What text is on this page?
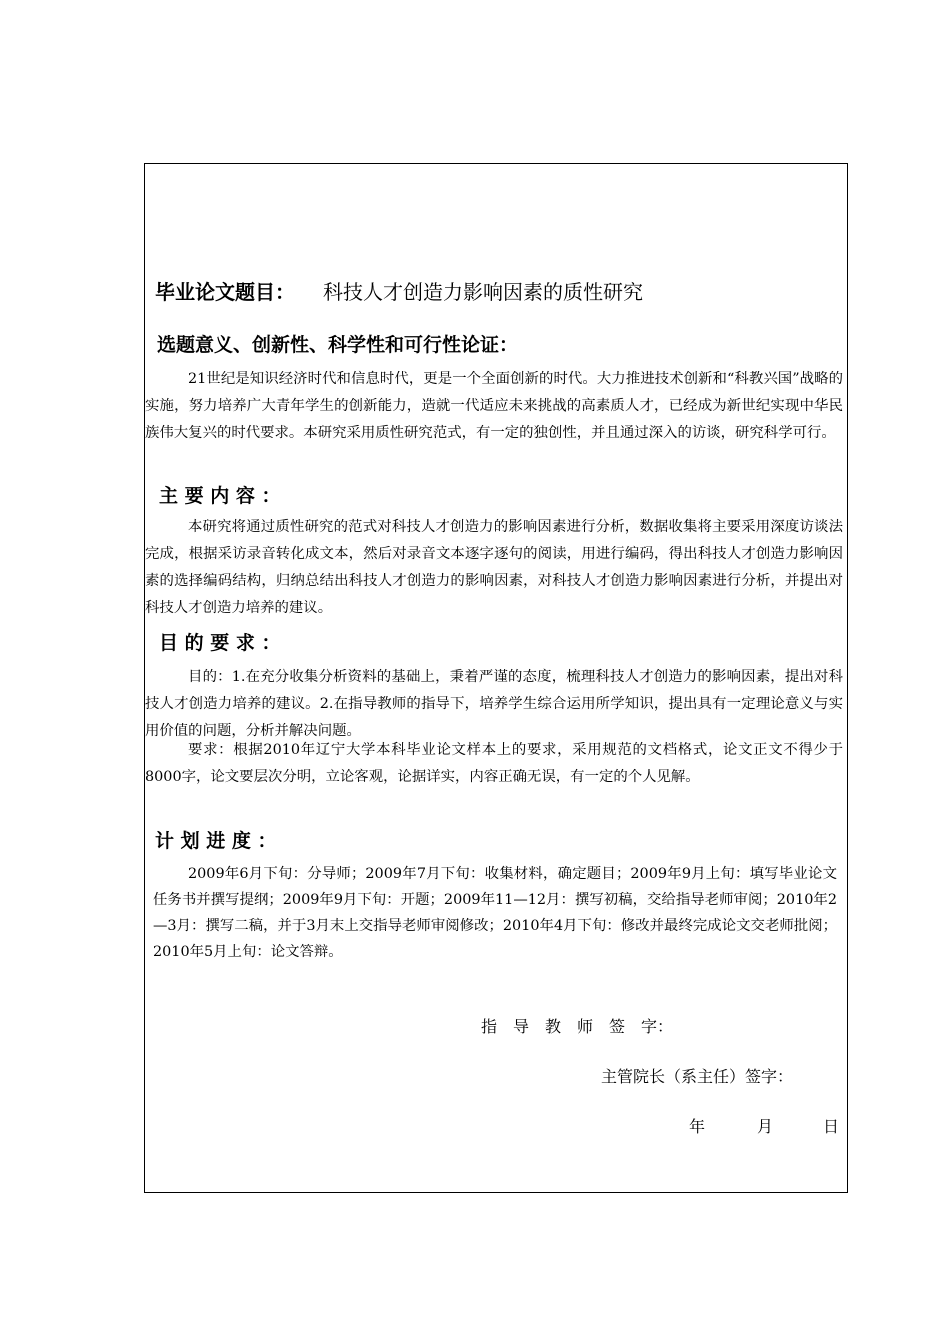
毕业论文题目： 科技人才创造力影响因素的质性研究
选题意义、创新性、科学性和可行性论证：
21世纪是知识经济时代和信息时代，更是一个全面创新的时代。大力推进技术创新和“科教兴国”战略的实施，努力培养广大青年学生的创新能力，造就一代适应未来挑战的高素质人才，已经成为新世纪实现中华民族伟大复兴的时代要求。本研究采用质性研究范式，有一定的独创性，并且通过深入的访谈，研究科学可行。
主 要 内 容 ：
本研究将通过质性研究的范式对科技人才创造力的影响因素进行分析，数据收集将主要采用深度访谈法完成，根据采访录音转化成文本，然后对录音文本逐字逐句的阅读，用进行编码，得出科技人才创造力影响因素的选择编码结构，归纳总结出科技人才创造力的影响因素，对科技人才创造力影响因素进行分析，并提出对科技人才创造力培养的建议。
目 的 要 求 ：
目的：1.在充分收集分析资料的基础上，秉着严谨的态度，梳理科技人才创造力的影响因素，提出对科技人才创造力培养的建议。2.在指导教师的指导下，培养学生综合运用所学知识，提出具有一定理论意义与实用价值的问题，分析并解决问题。
要求：根据2010年辽宁大学本科毕业论文样本上的要求，采用规范的文档格式，论文正文不得少于8000字，论文要层次分明，立论客观，论据详实，内容正确无误，有一定的个人见解。
计 划 进 度 ：
2009年6月下旬：分导师；2009年7月下旬：收集材料，确定题目；2009年9月上旬：填写毕业论文任务书并撰写提纲；2009年9月下旬：开题；2009年11—12月：撰写初稿，交给指导老师审阅；2010年2—3月：撰写二稿，并于3月末上交指导老师审阅修改；2010年4月下旬：修改并最终完成论文交老师批阅；2010年5月上旬：论文答辩。
指　导　教　师　签　字：
主管院长（系主任）签字：
年	月	日
